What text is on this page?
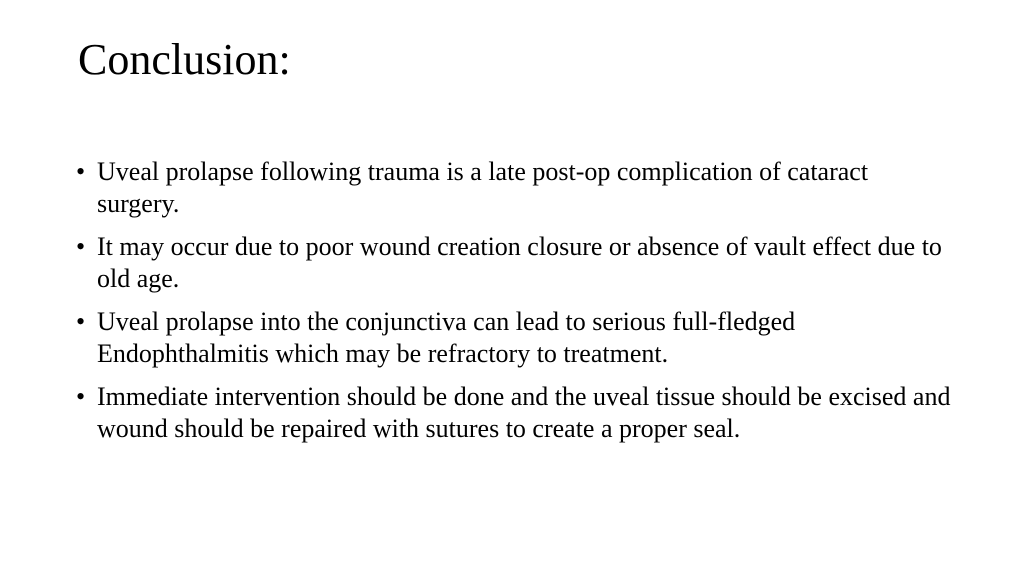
Conclusion:
• Uveal prolapse following trauma is a late post-op complication of cataract surgery.
• It may occur due to poor wound creation closure or absence of vault effect due to old age.
• Uveal prolapse into the conjunctiva can lead to serious full-fledged Endophthalmitis which may be refractory to treatment.
• Immediate intervention should be done and the uveal tissue should be excised and wound should be repaired with sutures to create a proper seal.
